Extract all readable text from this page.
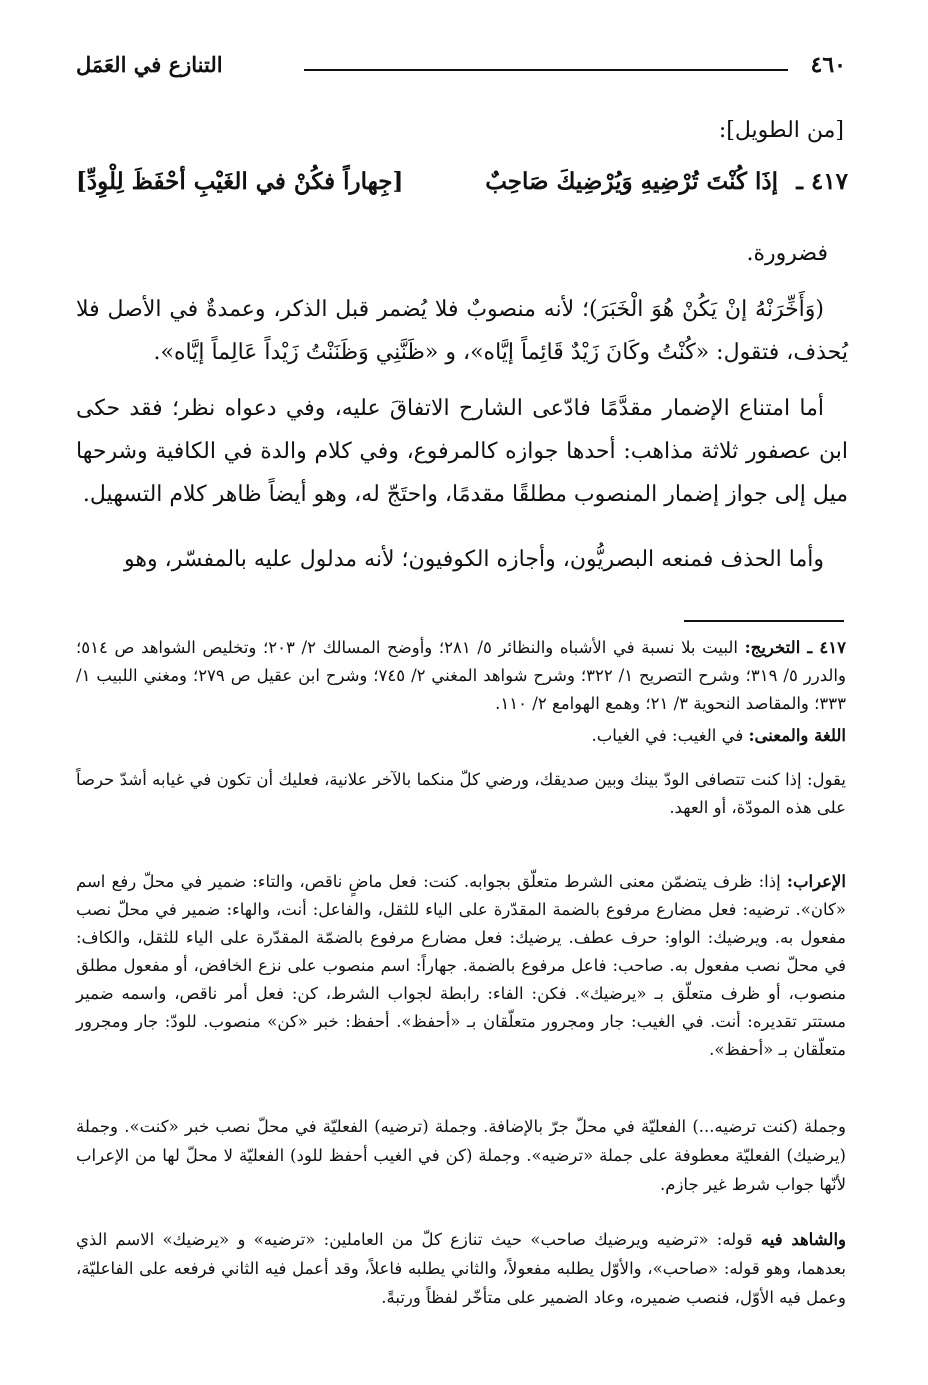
٤٦٠
التنازع في العَمَل
[من الطويل]:
٤١٧ ـ
إذَا كُنْتَ تُرْضِيهِ وَيُرْضِيكَ صَاحِبٌ
[جِهاراً فكُنْ في الغَيْبِ أحْفَظَ لِلْوِدِّ]
فضرورة.

(وَأَخِّرَنْهُ إنْ يَكُنْ هُوَ الْخَبَرَ)؛ لأنه منصوبٌ فلا يُضمر قبل الذكر، وعمدةٌ في الأصل فلا يُحذف، فتقول: «كُنْتُ وكَانَ زَيْدٌ قَائِماً إيَّاه»، و «ظَنَّنِي وَظَنَنْتُ زَيْداً عَالِماً إيَّاه».

أما امتناع الإضمار مقدَّمًا فادّعى الشارح الاتفاقَ عليه، وفي دعواه نظر؛ فقد حكى ابن عصفور ثلاثة مذاهب: أحدها جوازه كالمرفوع، وفي كلام والدة في الكافية وشرحها ميل إلى جواز إضمار المنصوب مطلقًا مقدمًا، واحتَجّ له، وهو أيضاً ظاهر كلام التسهيل.

وأما الحذف فمنعه البصريُّون، وأجازه الكوفيون؛ لأنه مدلول عليه بالمفسّر، وهو

٤١٧ ـ التخريج: البيت بلا نسبة في الأشباه والنظائر ٥/ ٢٨١؛ وأوضح المسالك ٢/ ٢٠٣؛ وتخليص الشواهد ص ٥١٤؛ والدرر ٥/ ٣١٩؛ وشرح التصريح ١/ ٣٢٢؛ وشرح شواهد المغني ٢/ ٧٤٥؛ وشرح ابن عقيل ص ٢٧٩؛ ومغني اللبيب ١/ ٣٣٣؛ والمقاصد النحوية ٣/ ٢١؛ وهمع الهوامع ٢/ ١١٠.

اللغة والمعنى: في الغيب: في الغياب.

يقول: إذا كنت تتصافى الودّ بينك وبين صديقك، ورضي كلّ منكما بالآخر علانية، فعليك أن تكون في غيابه أشدّ حرصاً على هذه المودّة، أو العهد.

الإعراب: إذا: ظرف يتضمّن معنى الشرط متعلّق بجوابه. كنت: فعل ماضٍ ناقص، والتاء: ضمير في محلّ رفع اسم «كان». ترضيه: فعل مضارع مرفوع بالضمة المقدّرة على الياء للثقل، والفاعل: أنت، والهاء: ضمير في محلّ نصب مفعول به. ويرضيك: الواو: حرف عطف. يرضيك: فعل مضارع مرفوع بالضمّة المقدّرة على الياء للثقل، والكاف: في محلّ نصب مفعول به. صاحب: فاعل مرفوع بالضمة. جهاراً: اسم منصوب على نزع الخافض، أو مفعول مطلق منصوب، أو ظرف متعلّق بـ «يرضيك». فكن: الفاء: رابطة لجواب الشرط، كن: فعل أمر ناقص، واسمه ضمير مستتر تقديره: أنت. في الغيب: جار ومجرور متعلّقان بـ «أحفظ». أحفظ: خبر «كن» منصوب. للودّ: جار ومجرور متعلّقان بـ «أحفظ».

وجملة (كنت ترضيه...) الفعليّة في محلّ جرّ بالإضافة. وجملة (ترضيه) الفعليّة في محلّ نصب خبر «كنت». وجملة (يرضيك) الفعليّة معطوفة على جملة «ترضيه». وجملة (كن في الغيب أحفظ للود) الفعليّة لا محلّ لها من الإعراب لأنّها جواب شرط غير جازم.

والشاهد فيه قوله: «ترضيه ويرضيك صاحب» حيث تنازع كلّ من العاملين: «ترضيه» و «يرضيك» الاسم الذي بعدهما، وهو قوله: «صاحب»، والأوّل يطلبه مفعولاً، والثاني يطلبه فاعلاً، وقد أعمل فيه الثاني فرفعه على الفاعليّة، وعمل فيه الأوّل، فنصب ضميره، وعاد الضمير على متأخّر لفظاً ورتبةً.
